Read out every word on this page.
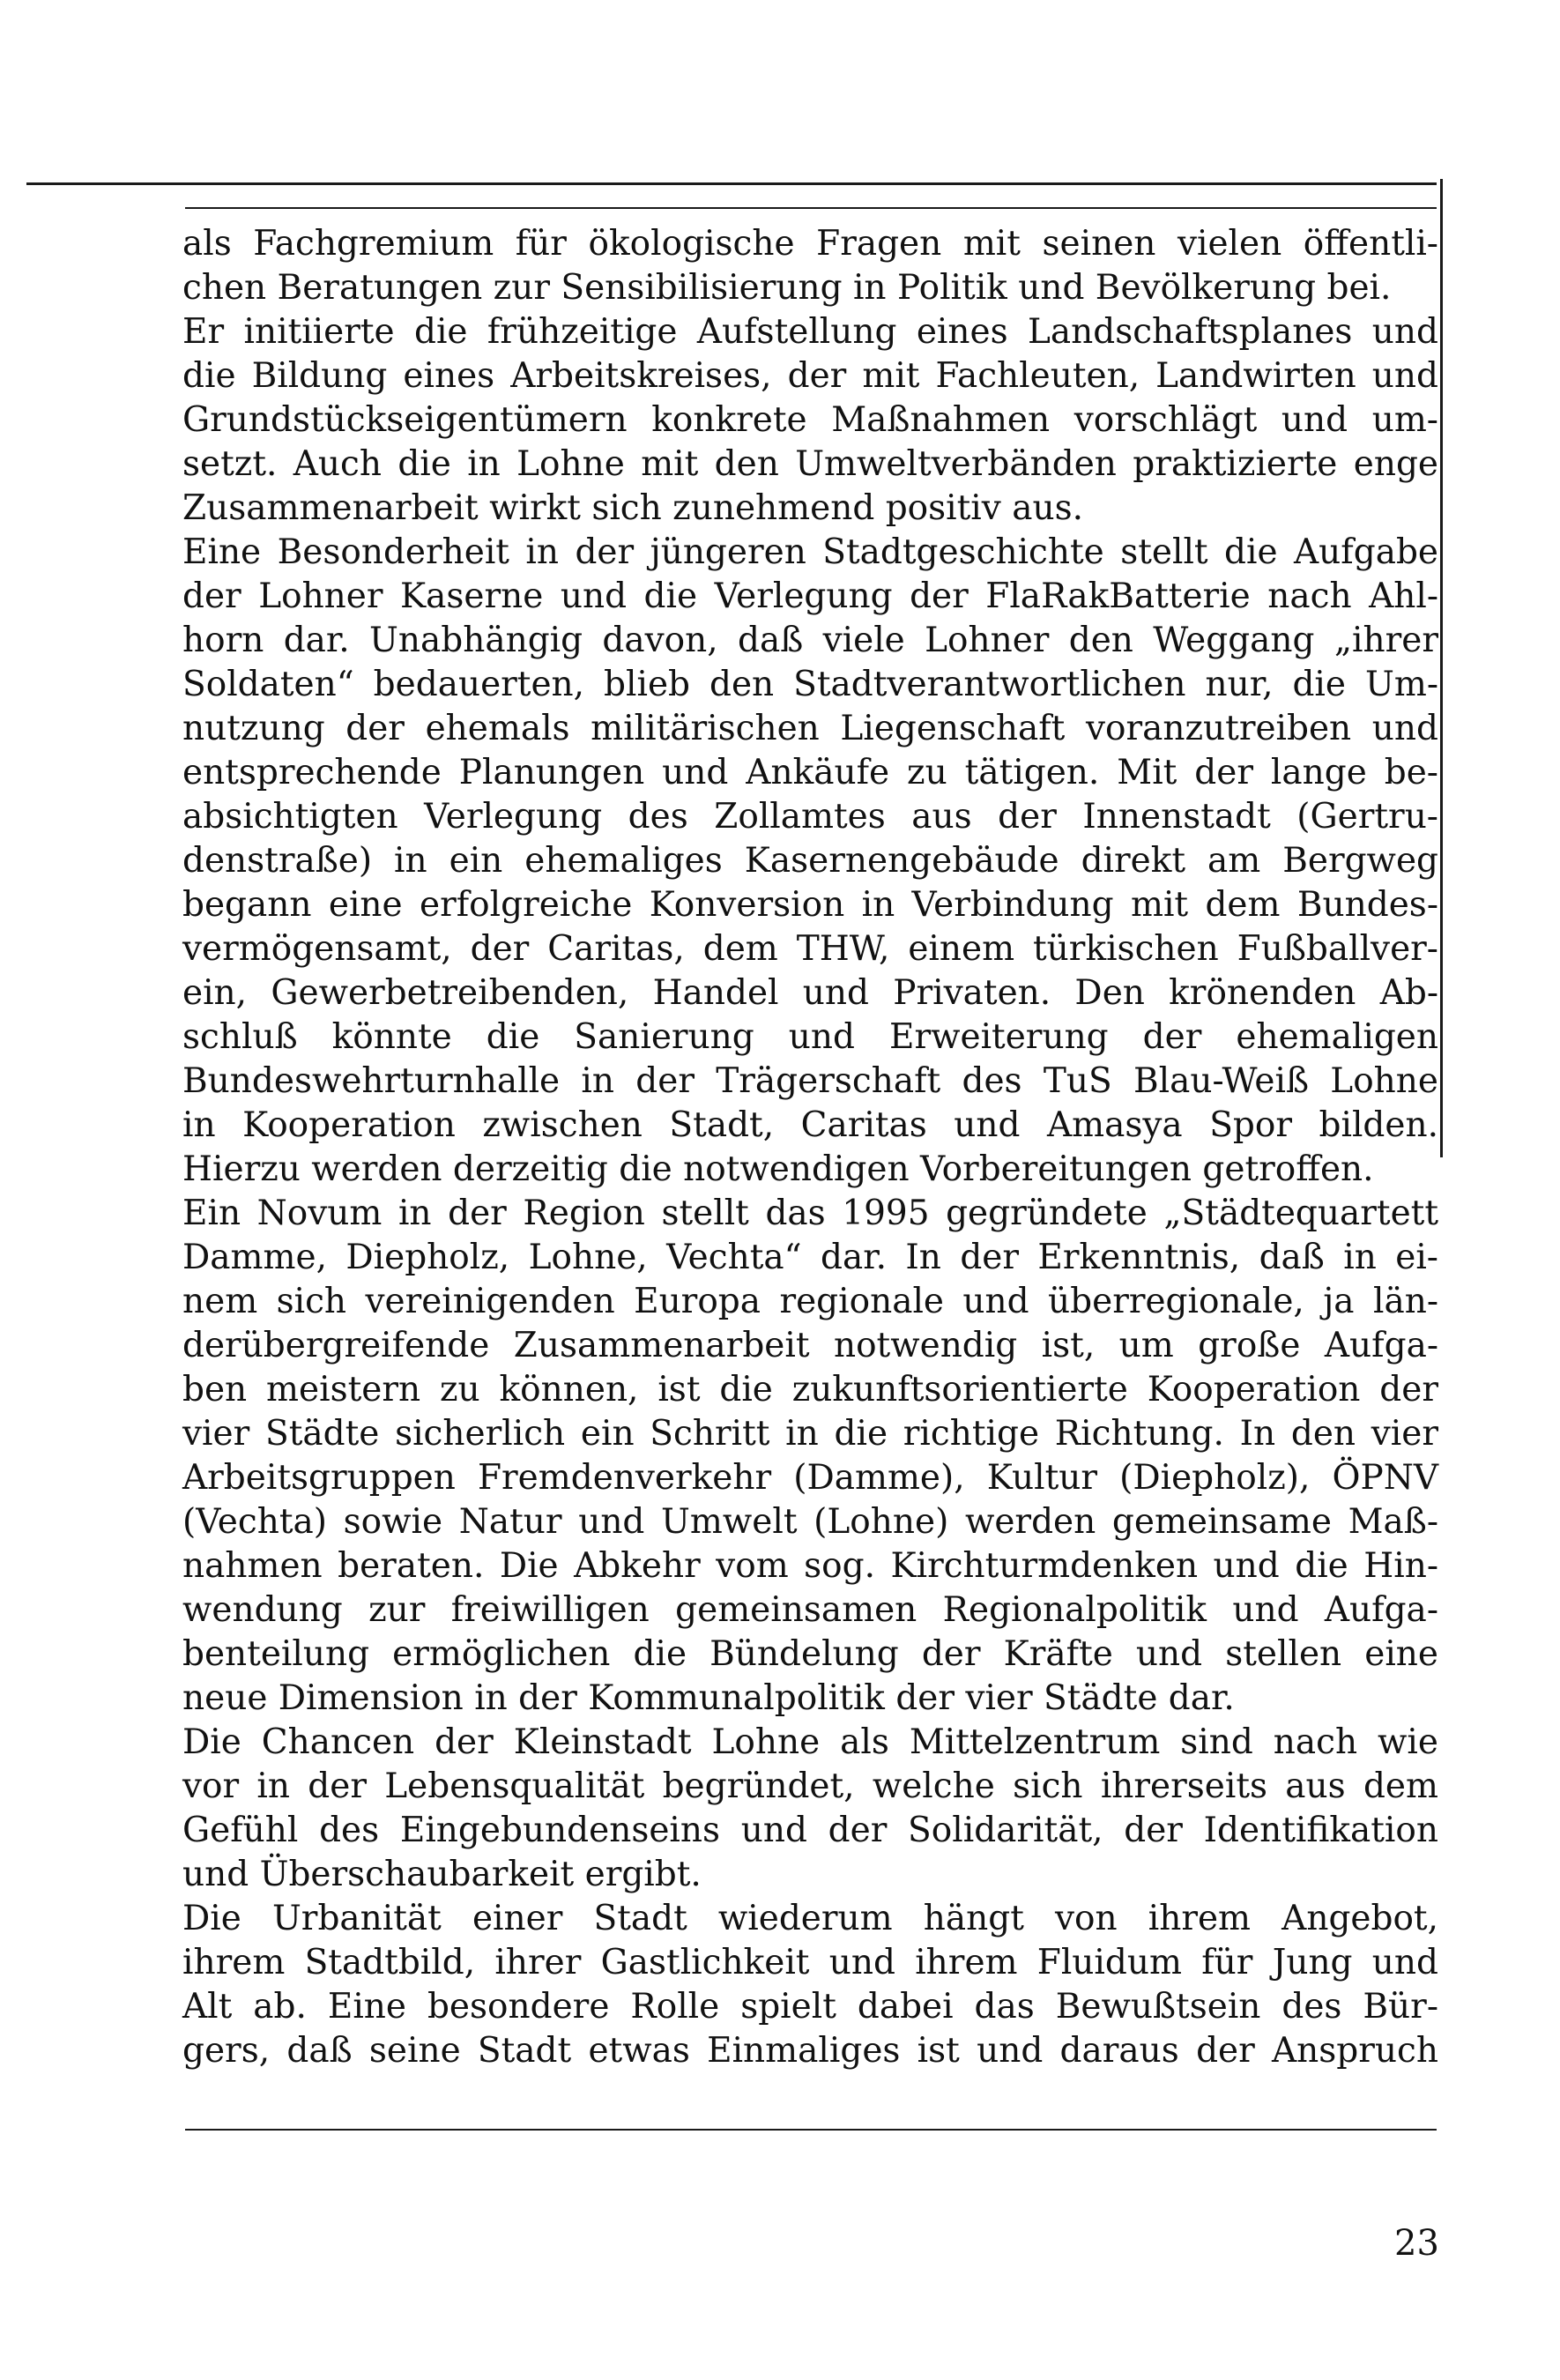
als Fachgremium für ökologische Fragen mit seinen vielen öffentli-
chen Beratungen zur Sensibilisierung in Politik und Bevölkerung bei.
Er initiierte die frühzeitige Aufstellung eines Landschaftsplanes und
die Bildung eines Arbeitskreises, der mit Fachleuten, Landwirten und
Grundstückseigentümern konkrete Maßnahmen vorschlägt und um-
setzt. Auch die in Lohne mit den Umweltverbänden praktizierte enge
Zusammenarbeit wirkt sich zunehmend positiv aus.
Eine Besonderheit in der jüngeren Stadtgeschichte stellt die Aufgabe
der Lohner Kaserne und die Verlegung der FlaRakBatterie nach Ahl-
horn dar. Unabhängig davon, daß viele Lohner den Weggang „ihrer
Soldaten“ bedauerten, blieb den Stadtverantwortlichen nur, die Um-
nutzung der ehemals militärischen Liegenschaft voranzutreiben und
entsprechende Planungen und Ankäufe zu tätigen. Mit der lange be-
absichtigten Verlegung des Zollamtes aus der Innenstadt (Gertru-
denstraße) in ein ehemaliges Kasernengebäude direkt am Bergweg
begann eine erfolgreiche Konversion in Verbindung mit dem Bundes-
vermögensamt, der Caritas, dem THW, einem türkischen Fußballver-
ein, Gewerbetreibenden, Handel und Privaten. Den krönenden Ab-
schluß könnte die Sanierung und Erweiterung der ehemaligen
Bundeswehrturnhalle in der Trägerschaft des TuS Blau-Weiß Lohne
in Kooperation zwischen Stadt, Caritas und Amasya Spor bilden.
Hierzu werden derzeitig die notwendigen Vorbereitungen getroffen.
Ein Novum in der Region stellt das 1995 gegründete „Städtequartett
Damme, Diepholz, Lohne, Vechta“ dar. In der Erkenntnis, daß in ei-
nem sich vereinigenden Europa regionale und überregionale, ja län-
derübergreifende Zusammenarbeit notwendig ist, um große Aufga-
ben meistern zu können, ist die zukunftsorientierte Kooperation der
vier Städte sicherlich ein Schritt in die richtige Richtung. In den vier
Arbeitsgruppen Fremdenverkehr (Damme), Kultur (Diepholz), ÖPNV
(Vechta) sowie Natur und Umwelt (Lohne) werden gemeinsame Maß-
nahmen beraten. Die Abkehr vom sog. Kirchturmdenken und die Hin-
wendung zur freiwilligen gemeinsamen Regionalpolitik und Aufga-
benteilung ermöglichen die Bündelung der Kräfte und stellen eine
neue Dimension in der Kommunalpolitik der vier Städte dar.
Die Chancen der Kleinstadt Lohne als Mittelzentrum sind nach wie
vor in der Lebensqualität begründet, welche sich ihrerseits aus dem
Gefühl des Eingebundenseins und der Solidarität, der Identifikation
und Überschaubarkeit ergibt.
Die Urbanität einer Stadt wiederum hängt von ihrem Angebot,
ihrem Stadtbild, ihrer Gastlichkeit und ihrem Fluidum für Jung und
Alt ab. Eine besondere Rolle spielt dabei das Bewußtsein des Bür-
gers, daß seine Stadt etwas Einmaliges ist und daraus der Anspruch
23
